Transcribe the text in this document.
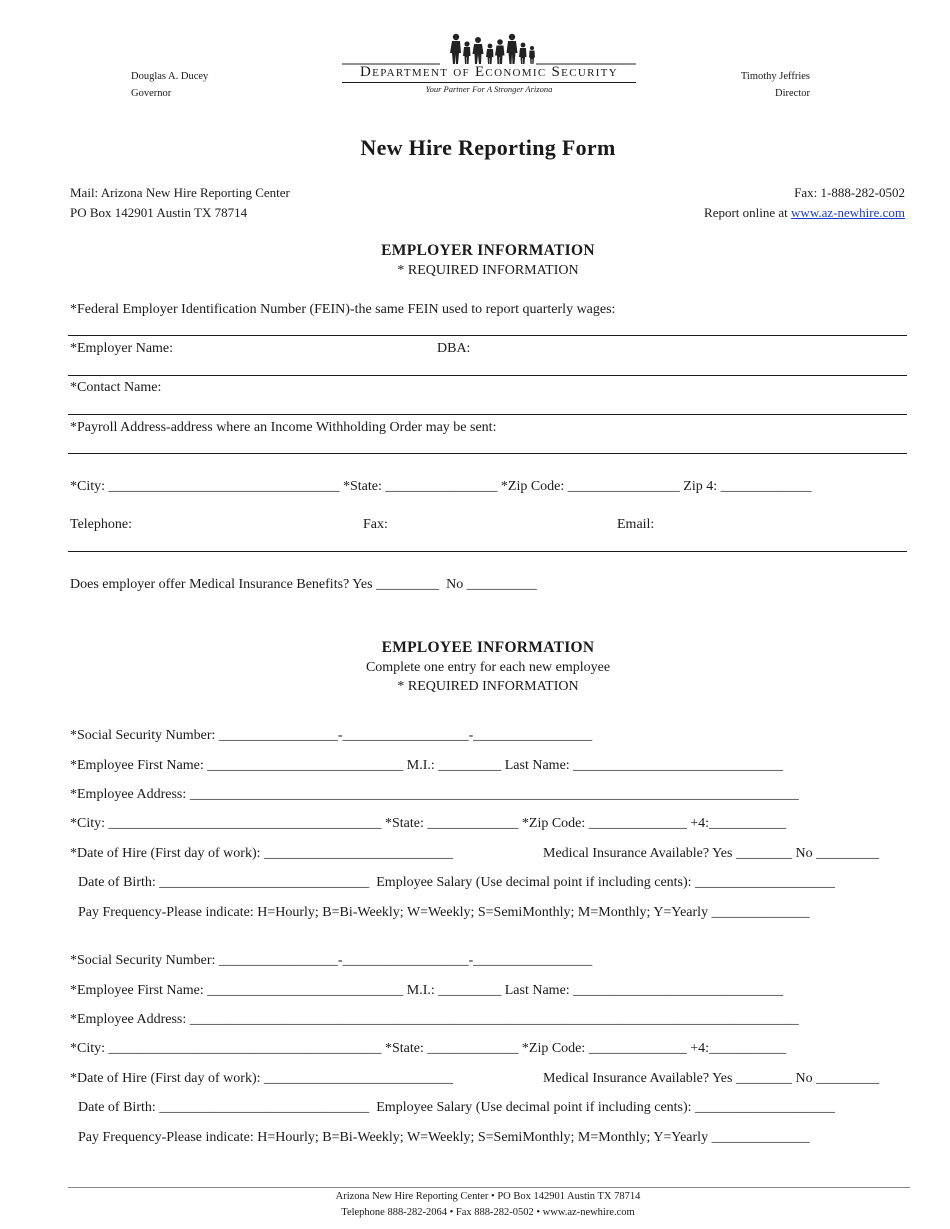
Douglas A. Ducey
Governor
Timothy Jeffries
Director

Department of Economic Security

Your Partner For A Stronger Arizona

New Hire Reporting Form
Mail: Arizona New Hire Reporting Center
PO Box 142901 Austin TX 78714
Fax: 1-888-282-0502
Report online at www.az-newhire.com
EMPLOYER INFORMATION
* REQUIRED INFORMATION
*Federal Employer Identification Number (FEIN)-the same FEIN used to report quarterly wages:
*Employer Name:	DBA:
*Contact Name:
*Payroll Address-address where an Income Withholding Order may be sent:
*City: _________________________________ *State: ________________ *Zip Code: ________________ Zip 4: _____________
Telephone:	Fax:	Email:
Does employer offer Medical Insurance Benefits? Yes _________  No __________
EMPLOYEE INFORMATION
Complete one entry for each new employee
* REQUIRED INFORMATION
*Social Security Number: _________________-__________________-_________________
*Employee First Name: ____________________________ M.I.: _________ Last Name: ______________________________
*Employee Address: _______________________________________________________________________________________
*City: _______________________________________ *State: _____________ *Zip Code: ______________ +4:___________
*Date of Hire (First day of work): ___________________________	Medical Insurance Available? Yes ________ No _________
Date of Birth: ______________________________  Employee Salary (Use decimal point if including cents): ____________________
Pay Frequency-Please indicate: H=Hourly; B=Bi-Weekly; W=Weekly; S=SemiMonthly; M=Monthly; Y=Yearly ______________
*Social Security Number: _________________-__________________-_________________
*Employee First Name: ____________________________ M.I.: _________ Last Name: ______________________________
*Employee Address: _______________________________________________________________________________________
*City: _______________________________________ *State: _____________ *Zip Code: ______________ +4:___________
*Date of Hire (First day of work): ___________________________	Medical Insurance Available? Yes ________ No _________
Date of Birth: ______________________________  Employee Salary (Use decimal point if including cents): ____________________
Pay Frequency-Please indicate: H=Hourly; B=Bi-Weekly; W=Weekly; S=SemiMonthly; M=Monthly; Y=Yearly ______________
Arizona New Hire Reporting Center • PO Box 142901 Austin TX 78714
Telephone 888-282-2064 • Fax 888-282-0502 • www.az-newhire.com
